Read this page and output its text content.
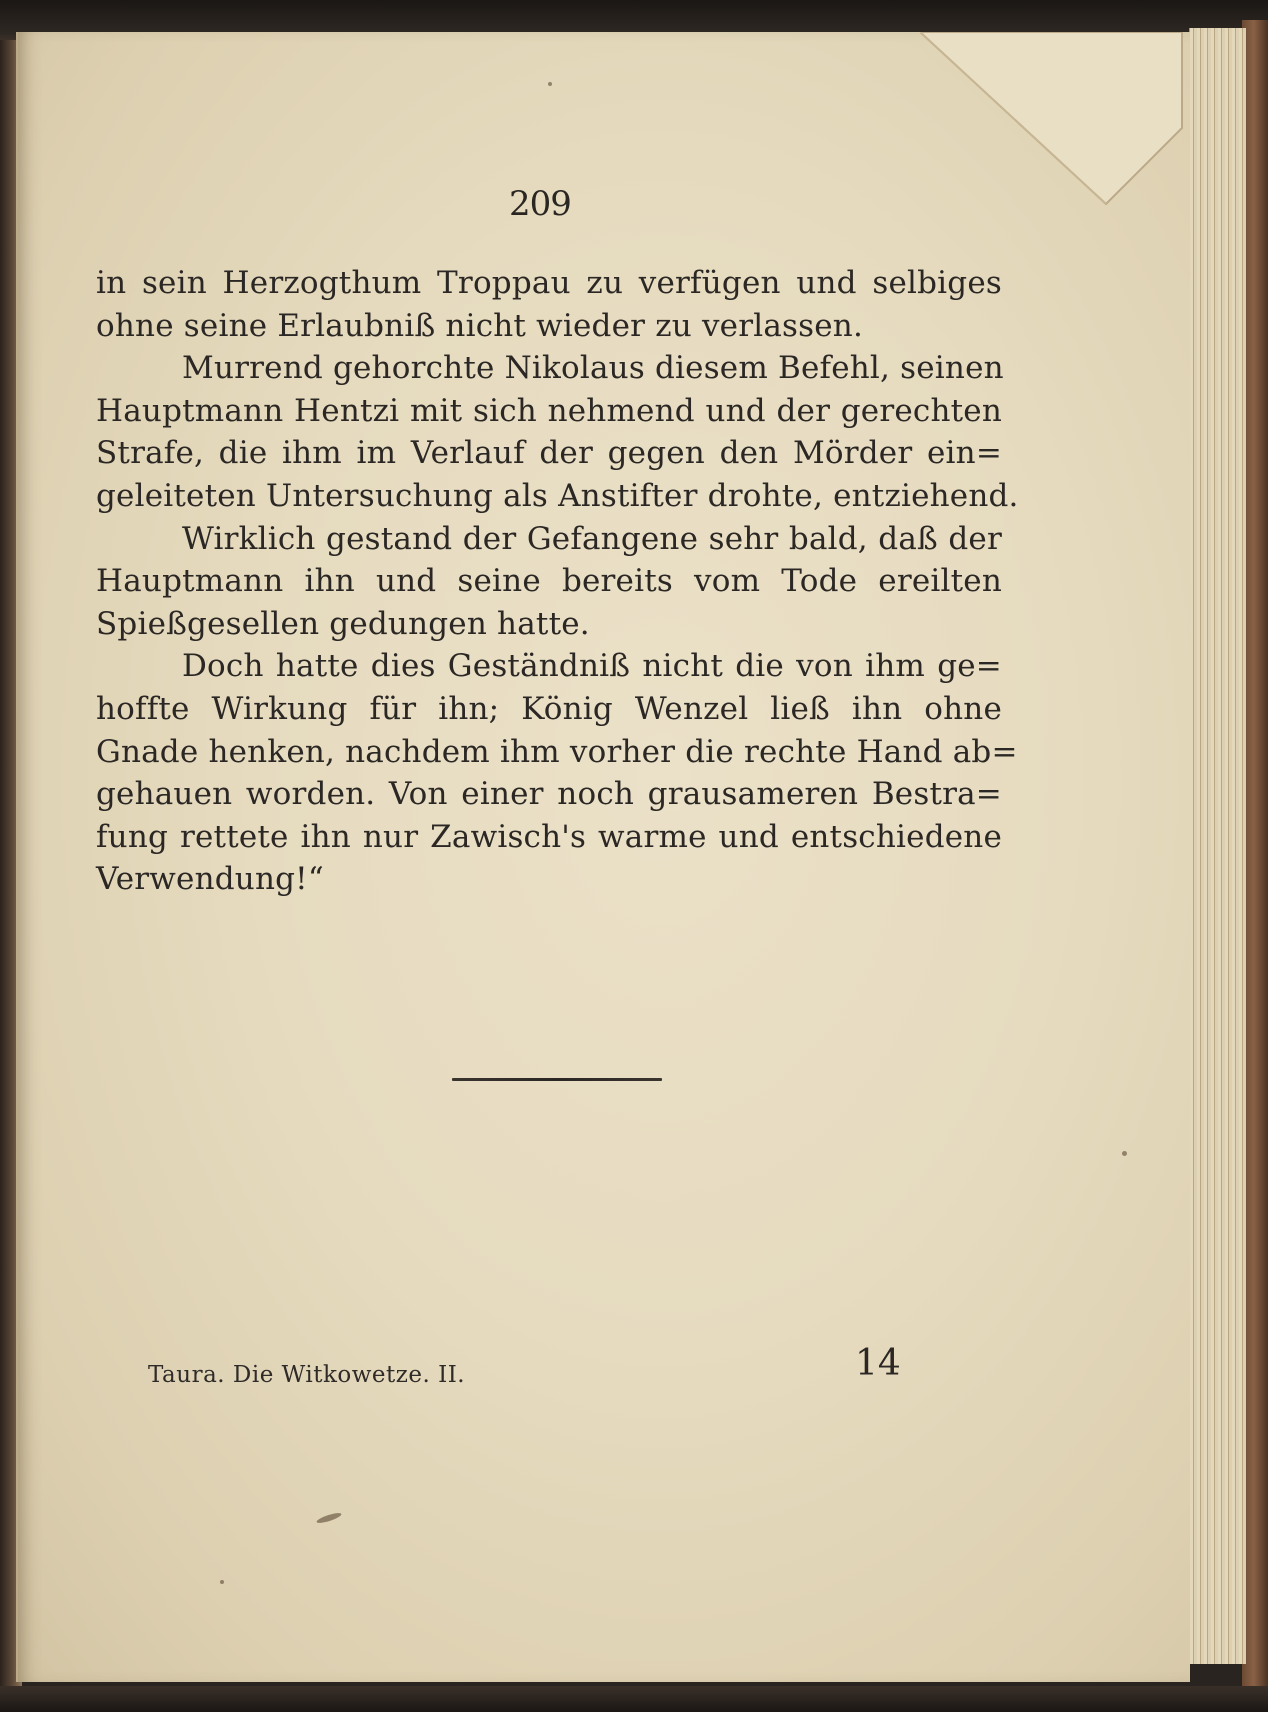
209

in sein Herzogthum Troppau zu verfügen und selbiges
ohne seine Erlaubniß nicht wieder zu verlassen.

Murrend gehorchte Nikolaus diesem Befehl, seinen
Hauptmann Hentzi mit sich nehmend und der gerechten
Strafe, die ihm im Verlauf der gegen den Mörder ein=
geleiteten Untersuchung als Anstifter drohte, entziehend.

Wirklich gestand der Gefangene sehr bald, daß der
Hauptmann ihn und seine bereits vom Tode ereilten
Spießgesellen gedungen hatte.

Doch hatte dies Geständniß nicht die von ihm ge=
hoffte Wirkung für ihn; König Wenzel ließ ihn ohne
Gnade henken, nachdem ihm vorher die rechte Hand ab=
gehauen worden. Von einer noch grausameren Bestra=
fung rettete ihn nur Zawisch's warme und entschiedene
Verwendung!“

Taura. Die Witkowetze. II.	14
